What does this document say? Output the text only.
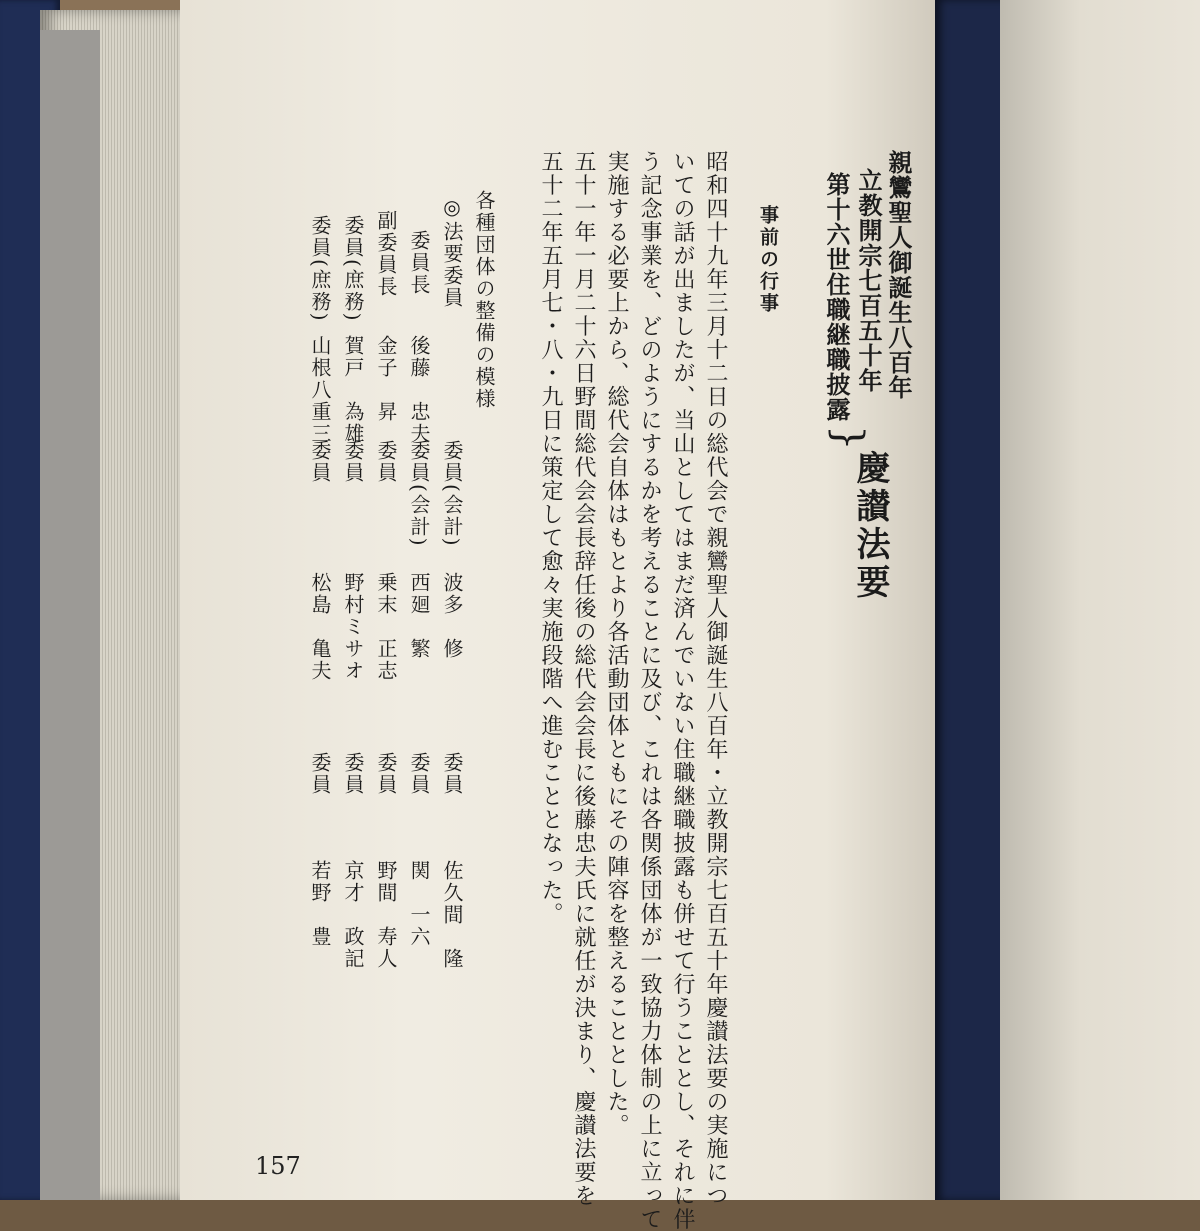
親鸞聖人御誕生八百年
立教開宗七百五十年
第十六世住職継職披露
}
慶讃法要
事前の行事
昭和四十九年三月十二日の総代会で親鸞聖人御誕生八百年・立教開宗七百五十年慶讃法要の実施につ
いての話が出ましたが、当山としてはまだ済んでいない住職継職披露も併せて行うこととし、それに伴
う記念事業を、どのようにするかを考えることに及び、これは各関係団体が一致協力体制の上に立って
実施する必要上から、総代会自体はもとより各活動団体ともにその陣容を整えることとした。
五十一年一月二十六日野間総代会会長辞任後の総代会会長に後藤忠夫氏に就任が決まり、慶讃法要を
五十二年五月七・八・九日に策定して愈々実施段階へ進むこととなった。
各種団体の整備の模様
◎法要委員
委員長
後藤　忠夫
副委員長
金子　昇
委員(庶務)
賀戸　為雄
委員(庶務)
山根八重三
委員(会計)
波多　修
委員(会計)
西廻　繁
委員
乗末　正志
委員
野村ミサオ
委員
松島　亀夫
委員
佐久間　隆
委員
関　一六
委員
野間　寿人
委員
京才　政記
委員
若野　豊
157
